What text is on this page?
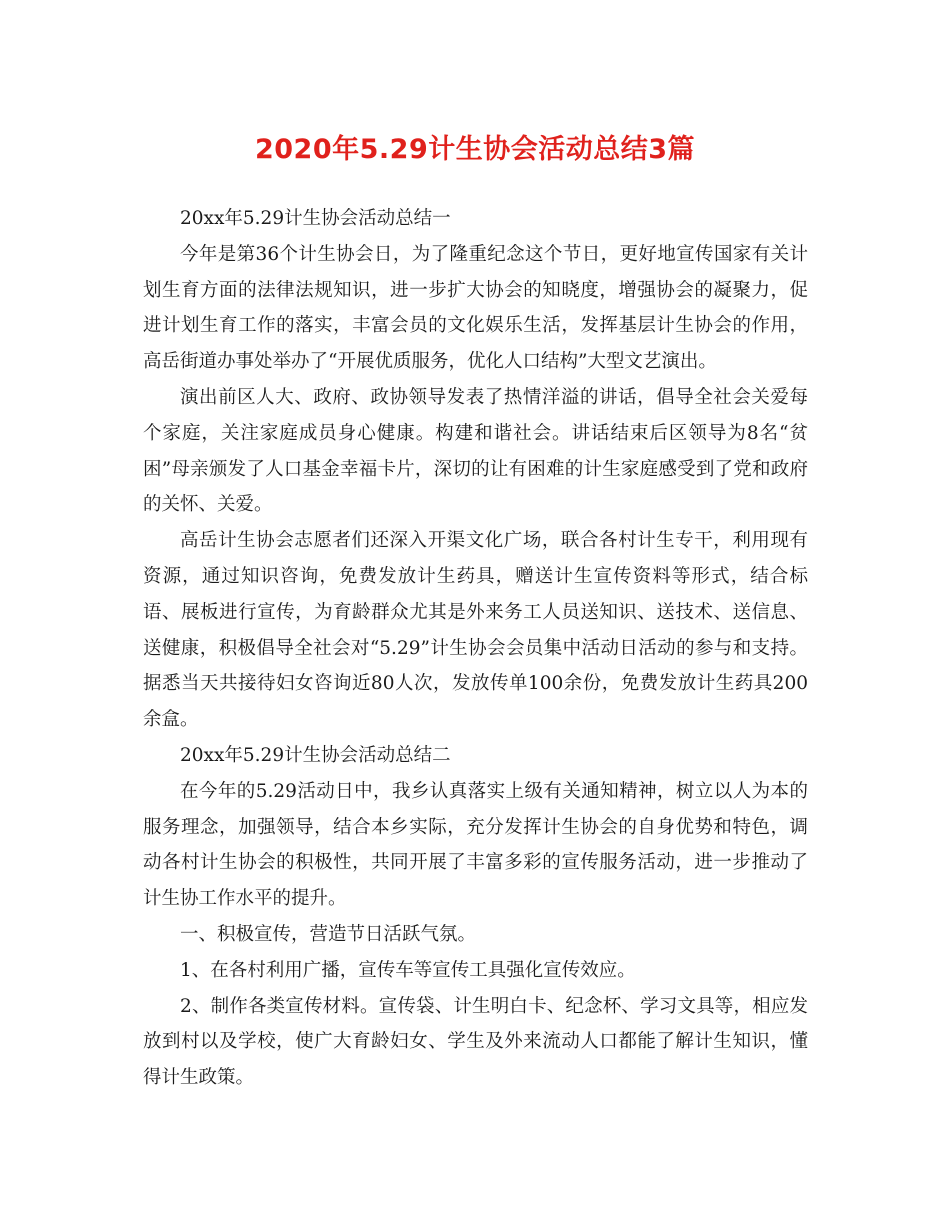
2020年5.29计生协会活动总结3篇

20xx年5.29计生协会活动总结一

今年是第36个计生协会日，为了隆重纪念这个节日，更好地宣传国家有关计划生育方面的法律法规知识，进一步扩大协会的知晓度，增强协会的凝聚力，促进计划生育工作的落实，丰富会员的文化娱乐生活，发挥基层计生协会的作用，高岳街道办事处举办了“开展优质服务，优化人口结构”大型文艺演出。

演出前区人大、政府、政协领导发表了热情洋溢的讲话，倡导全社会关爱每个家庭，关注家庭成员身心健康。构建和谐社会。讲话结束后区领导为8名“贫困”母亲颁发了人口基金幸福卡片，深切的让有困难的计生家庭感受到了党和政府的关怀、关爱。

高岳计生协会志愿者们还深入开渠文化广场，联合各村计生专干，利用现有资源，通过知识咨询，免费发放计生药具，赠送计生宣传资料等形式，结合标语、展板进行宣传，为育龄群众尤其是外来务工人员送知识、送技术、送信息、送健康，积极倡导全社会对“5.29”计生协会会员集中活动日活动的参与和支持。据悉当天共接待妇女咨询近80人次，发放传单100余份，免费发放计生药具200余盒。

20xx年5.29计生协会活动总结二

在今年的5.29活动日中，我乡认真落实上级有关通知精神，树立以人为本的服务理念，加强领导，结合本乡实际，充分发挥计生协会的自身优势和特色，调动各村计生协会的积极性，共同开展了丰富多彩的宣传服务活动，进一步推动了计生协工作水平的提升。

一、积极宣传，营造节日活跃气氛。

1、在各村利用广播，宣传车等宣传工具强化宣传效应。

2、制作各类宣传材料。宣传袋、计生明白卡、纪念杯、学习文具等，相应发放到村以及学校，使广大育龄妇女、学生及外来流动人口都能了解计生知识，懂得计生政策。
